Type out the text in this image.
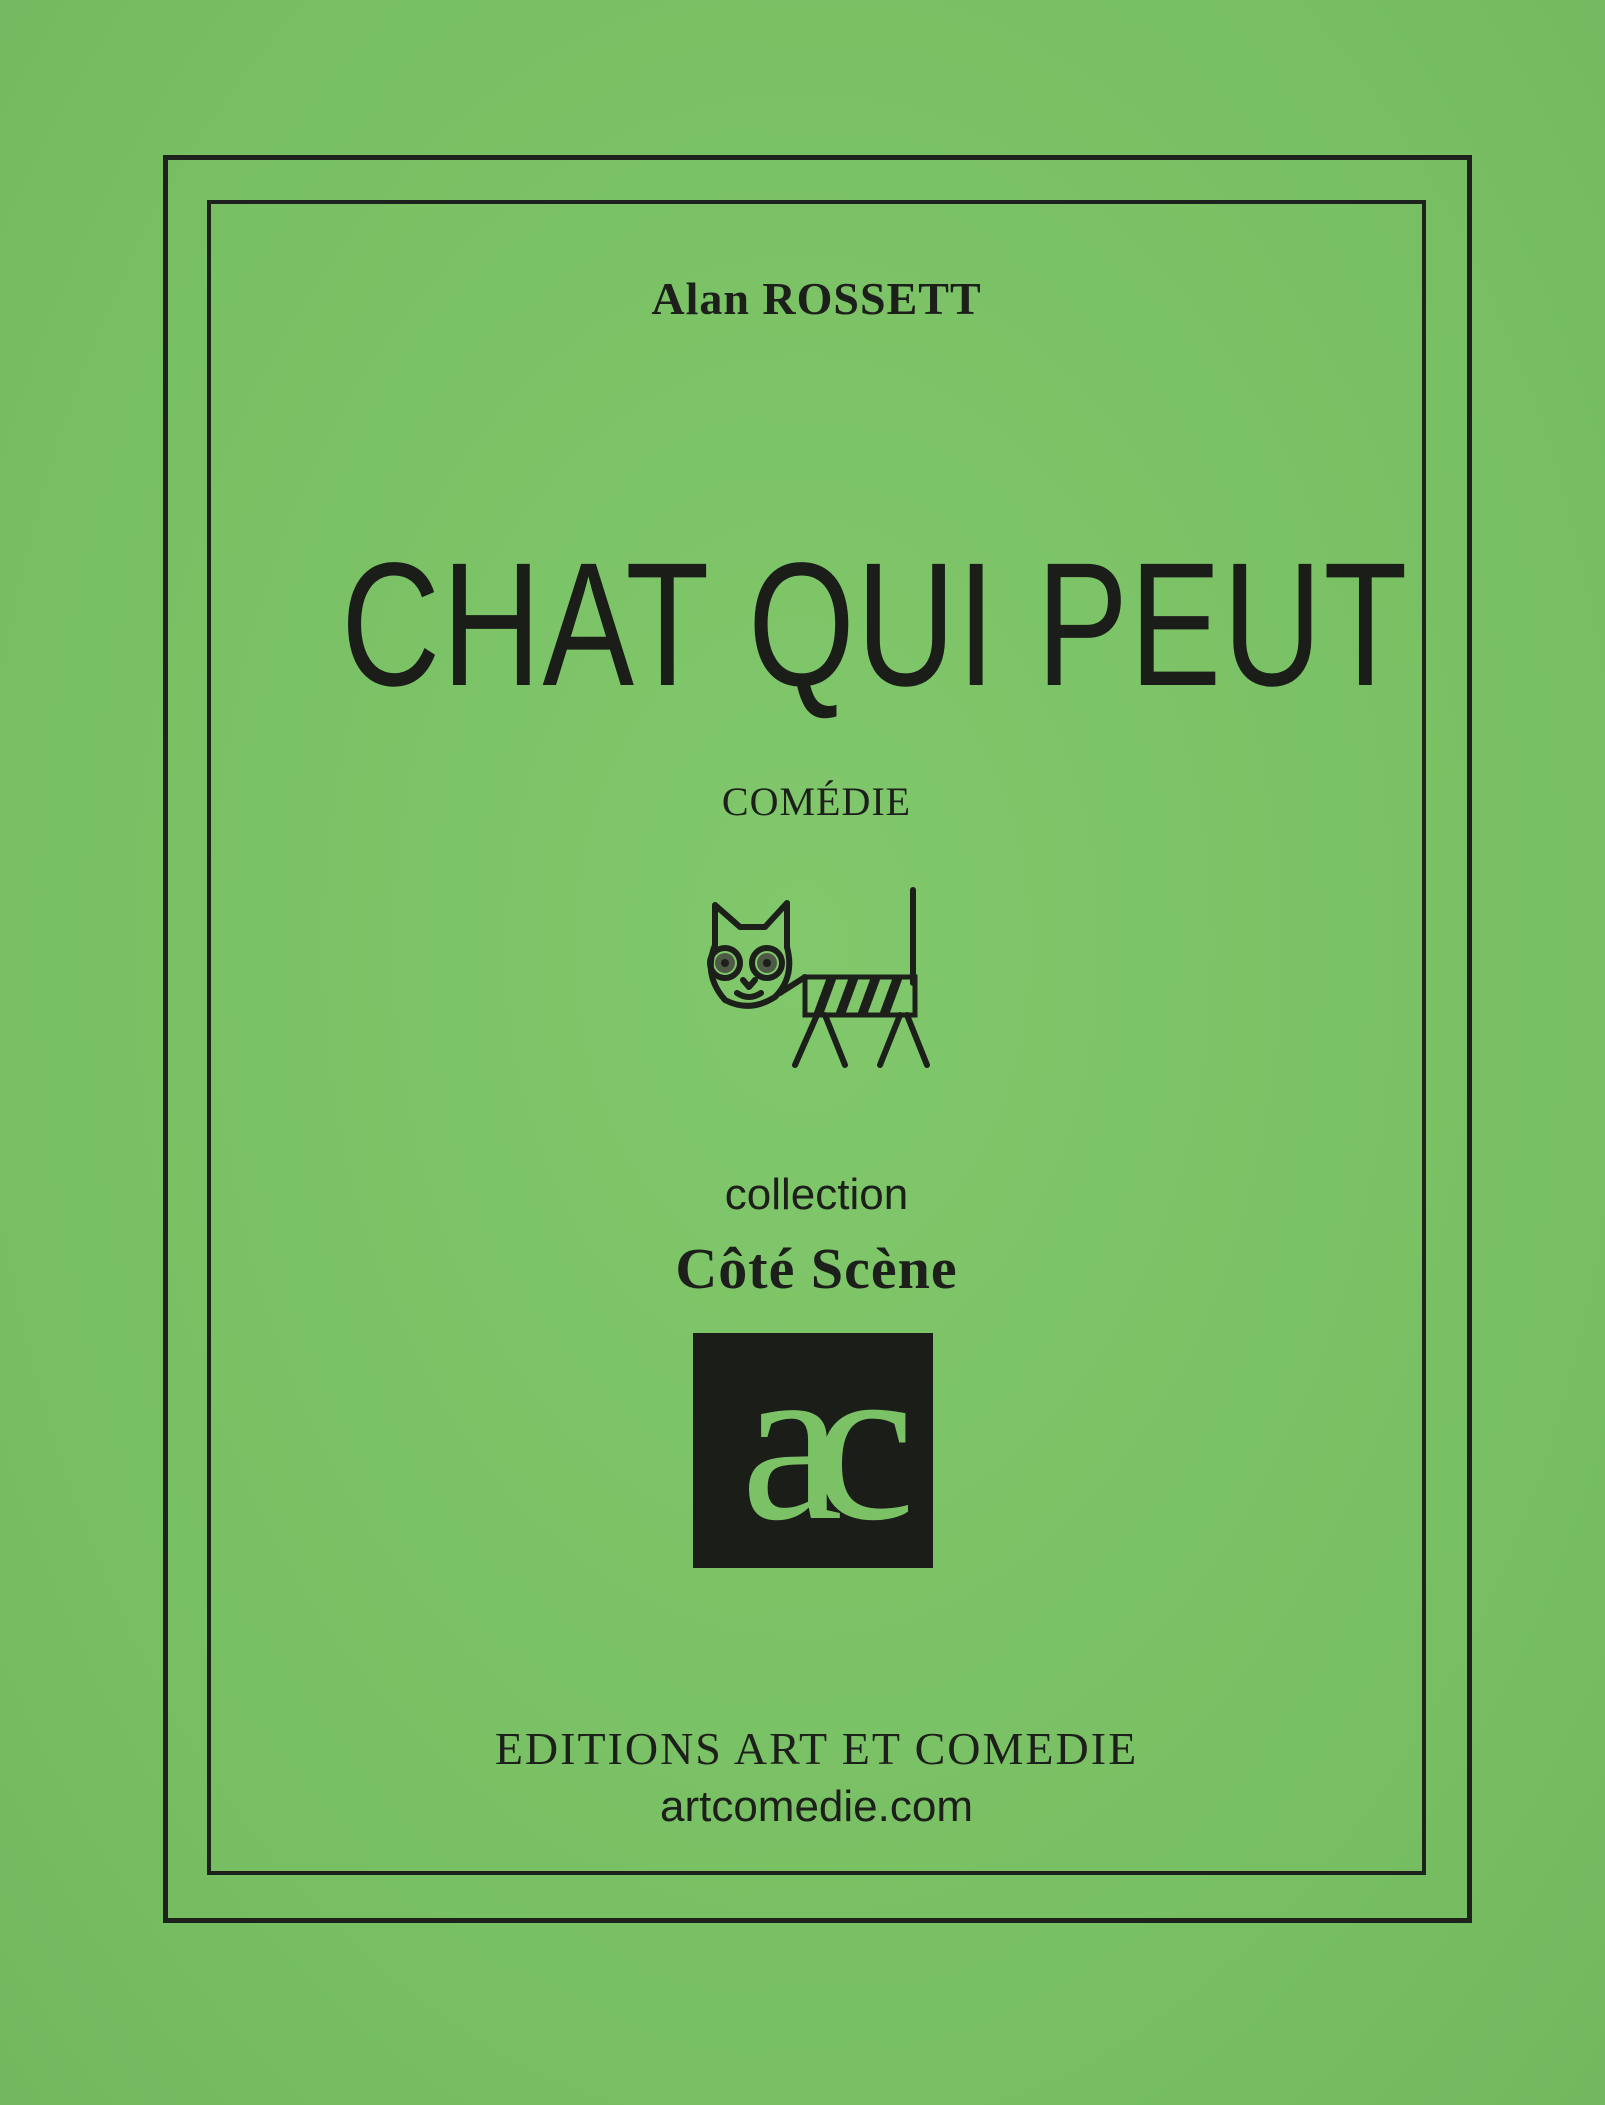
Alan ROSSETT

CHAT QUI PEUT

COMÉDIE

collection

Côté Scène

ac

EDITIONS ART ET COMEDIE

artcomedie.com
